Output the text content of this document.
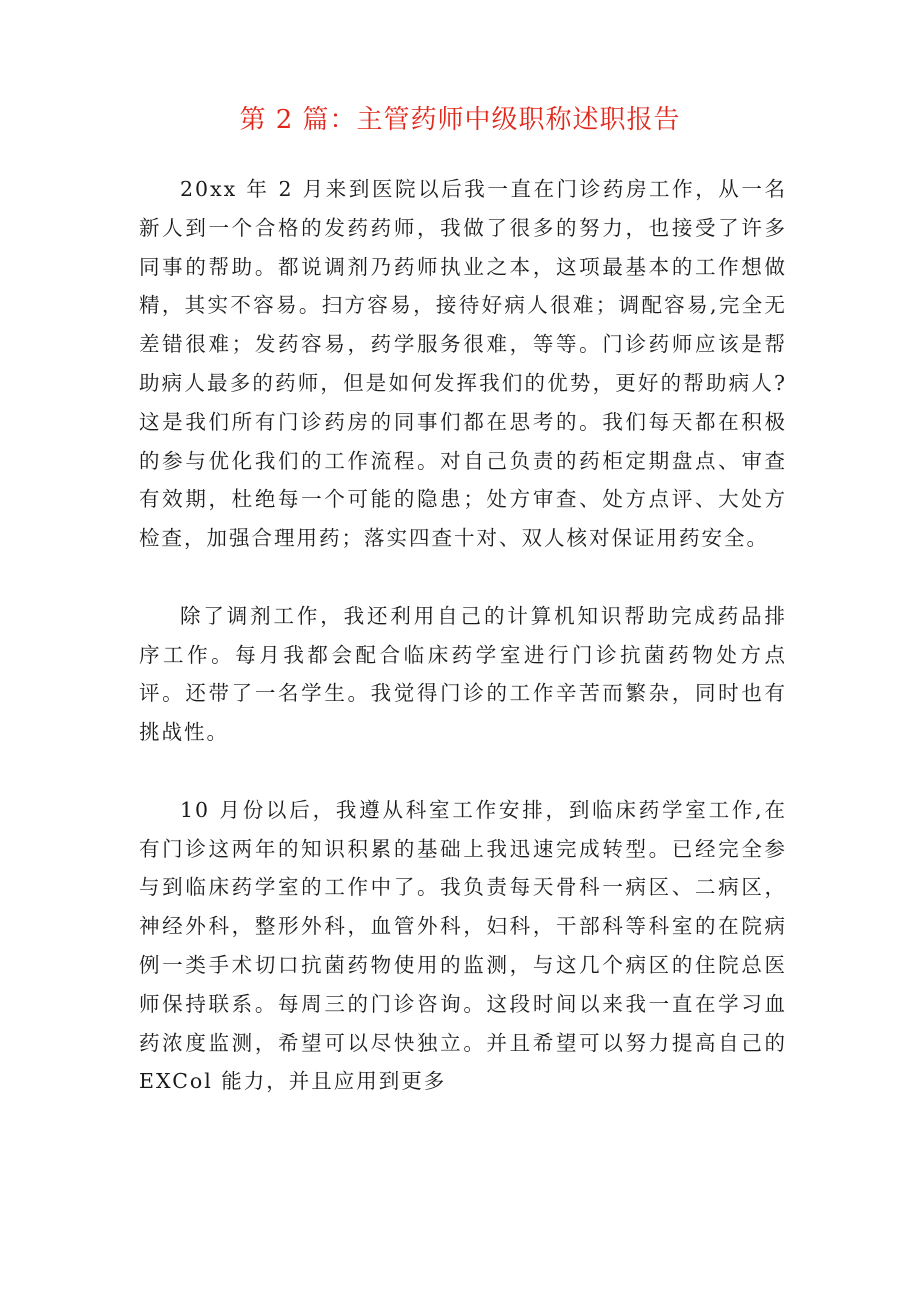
第 2 篇：主管药师中级职称述职报告

20xx 年 2 月来到医院以后我一直在门诊药房工作，从一名新人到一个合格的发药药师，我做了很多的努力，也接受了许多同事的帮助。都说调剂乃药师执业之本，这项最基本的工作想做精，其实不容易。扫方容易，接待好病人很难；调配容易,完全无差错很难；发药容易，药学服务很难，等等。门诊药师应该是帮助病人最多的药师，但是如何发挥我们的优势，更好的帮助病人?这是我们所有门诊药房的同事们都在思考的。我们每天都在积极的参与优化我们的工作流程。对自己负责的药柜定期盘点、审查有效期，杜绝每一个可能的隐患；处方审查、处方点评、大处方检查，加强合理用药；落实四查十对、双人核对保证用药安全。

除了调剂工作，我还利用自己的计算机知识帮助完成药品排序工作。每月我都会配合临床药学室进行门诊抗菌药物处方点评。还带了一名学生。我觉得门诊的工作辛苦而繁杂，同时也有挑战性。

10 月份以后，我遵从科室工作安排，到临床药学室工作,在有门诊这两年的知识积累的基础上我迅速完成转型。已经完全参与到临床药学室的工作中了。我负责每天骨科一病区、二病区，神经外科，整形外科，血管外科，妇科，干部科等科室的在院病例一类手术切口抗菌药物使用的监测，与这几个病区的住院总医师保持联系。每周三的门诊咨询。这段时间以来我一直在学习血药浓度监测，希望可以尽快独立。并且希望可以努力提高自己的 EXCol 能力，并且应用到更多
